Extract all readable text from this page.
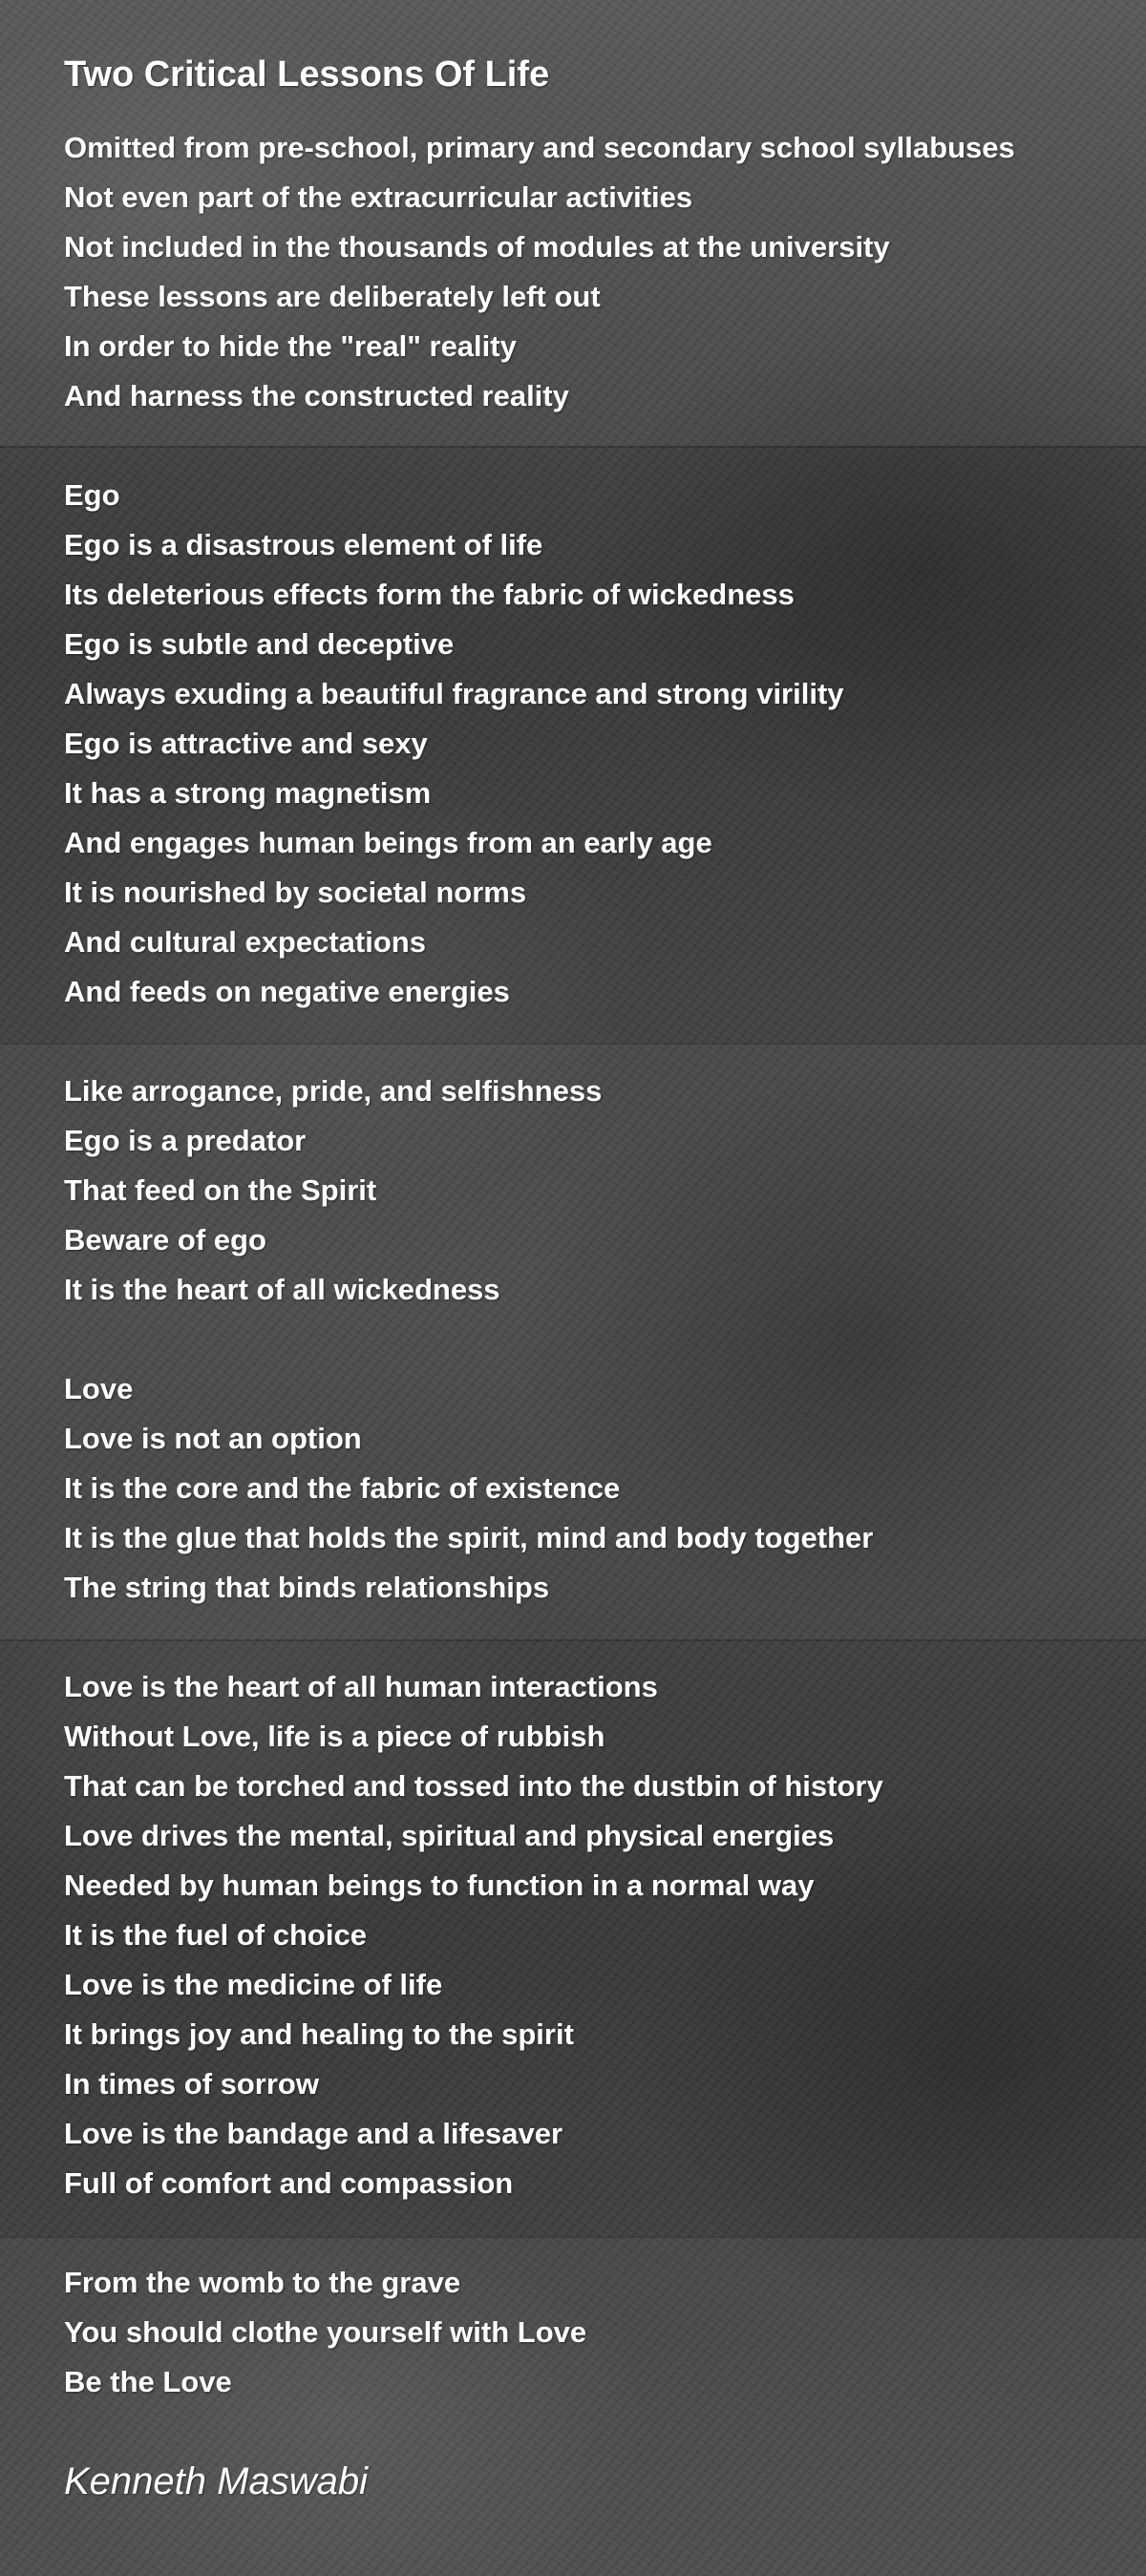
Two Critical Lessons Of Life
Omitted from pre-school, primary and secondary school syllabuses
Not even part of the extracurricular activities
Not included in the thousands of modules at the university
These lessons are deliberately left out
In order to hide the "real" reality
And harness the constructed reality
Ego
Ego is a disastrous element of life
Its deleterious effects form the fabric of wickedness
Ego is subtle and deceptive
Always exuding a beautiful fragrance and strong virility
Ego is attractive and sexy
It has a strong magnetism
And engages human beings from an early age
It is nourished by societal norms
And cultural expectations
And feeds on negative energies
Like arrogance, pride, and selfishness
Ego is a predator
That feed on the Spirit
Beware of ego
It is the heart of all wickedness
Love
Love is not an option
It is the core and the fabric of existence
It is the glue that holds the spirit, mind and body together
The string that binds relationships
Love is the heart of all human interactions
Without Love, life is a piece of rubbish
That can be torched and tossed into the dustbin of history
Love drives the mental, spiritual and physical energies
Needed by human beings to function in a normal way
It is the fuel of choice
Love is the medicine of life
It brings joy and healing to the spirit
In times of sorrow
Love is the bandage and a lifesaver
Full of comfort and compassion
From the womb to the grave
You should clothe yourself with Love
Be the Love
Kenneth Maswabi
